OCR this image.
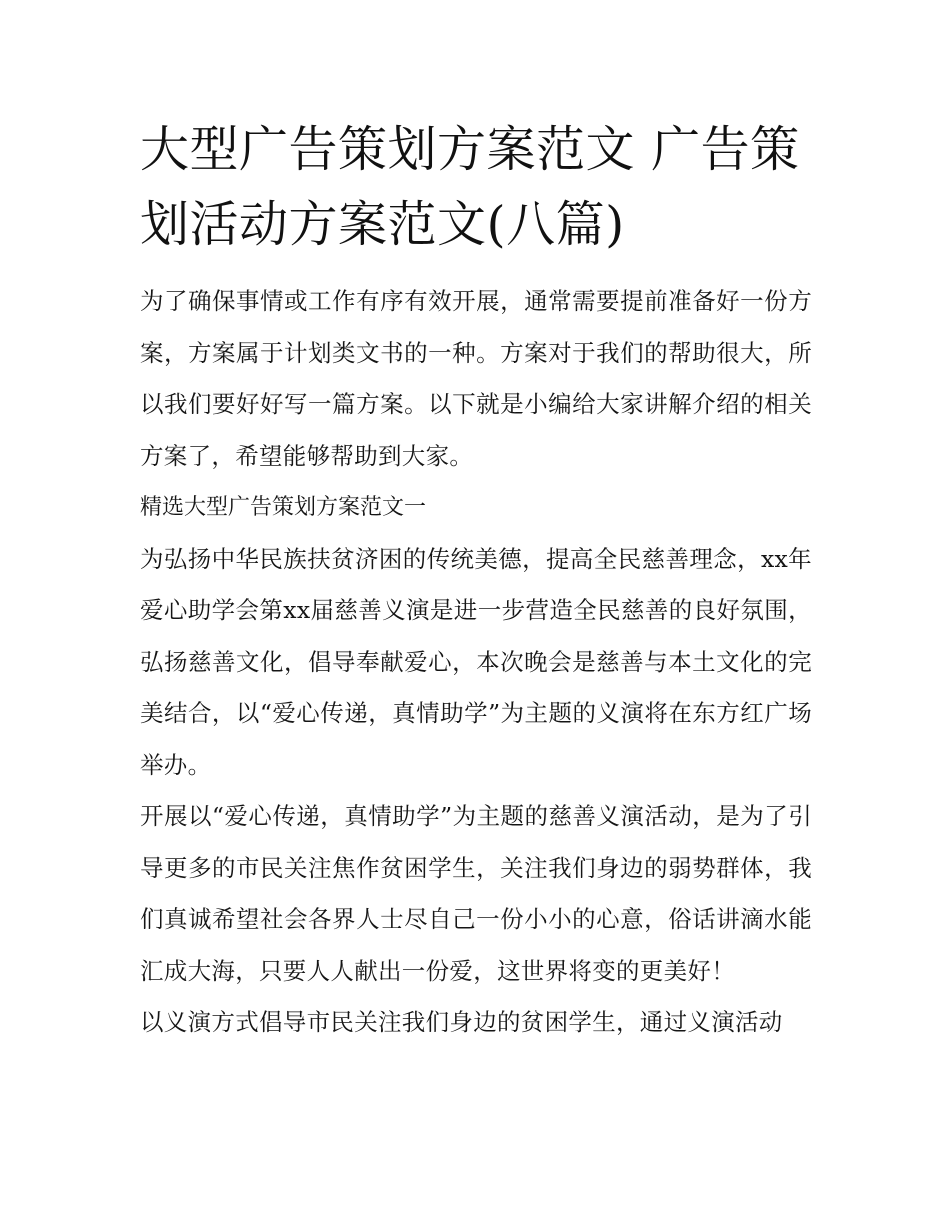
大型广告策划方案范文 广告策划活动方案范文(八篇)

为了确保事情或工作有序有效开展，通常需要提前准备好一份方案，方案属于计划类文书的一种。方案对于我们的帮助很大，所以我们要好好写一篇方案。以下就是小编给大家讲解介绍的相关方案了，希望能够帮助到大家。

精选大型广告策划方案范文一

为弘扬中华民族扶贫济困的传统美德，提高全民慈善理念，xx年爱心助学会第xx届慈善义演是进一步营造全民慈善的良好氛围，弘扬慈善文化，倡导奉献爱心，本次晚会是慈善与本土文化的完美结合，以“爱心传递，真情助学”为主题的义演将在东方红广场举办。

开展以“爱心传递，真情助学”为主题的慈善义演活动，是为了引导更多的市民关注焦作贫困学生，关注我们身边的弱势群体，我们真诚希望社会各界人士尽自己一份小小的心意，俗话讲滴水能汇成大海，只要人人献出一份爱，这世界将变的更美好！

以义演方式倡导市民关注我们身边的贫困学生，通过义演活动
